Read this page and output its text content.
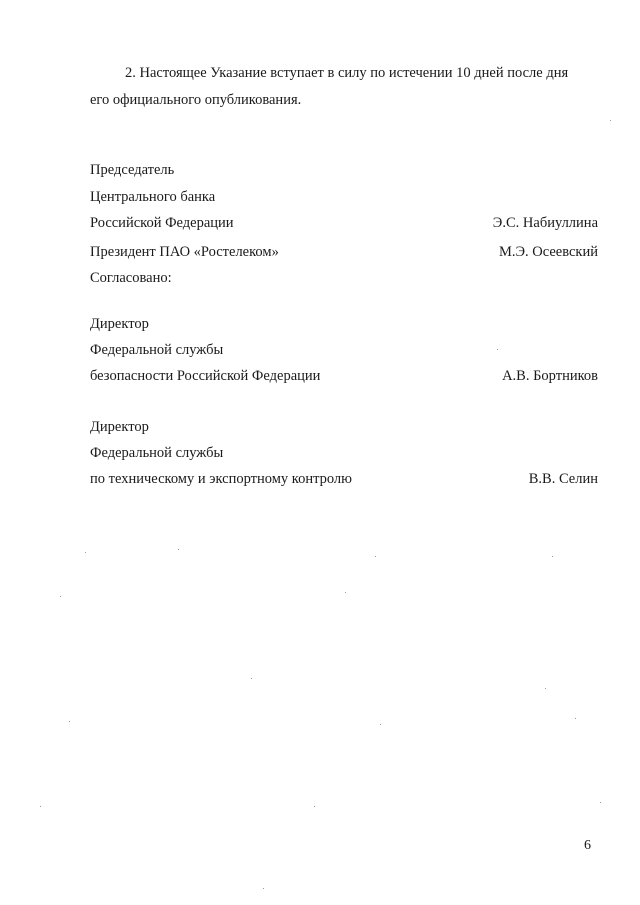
2. Настоящее Указание вступает в силу по истечении 10 дней после дня
его официального опубликования.
Председатель
Центрального банка
Российской Федерации	Э.С. Набиуллина
Президент ПАО «Ростелеком»	М.Э. Осеевский
Согласовано:
Директор
Федеральной службы
безопасности Российской Федерации	А.В. Бортников
Директор
Федеральной службы
по техническому и экспортному контролю	В.В. Селин
6
